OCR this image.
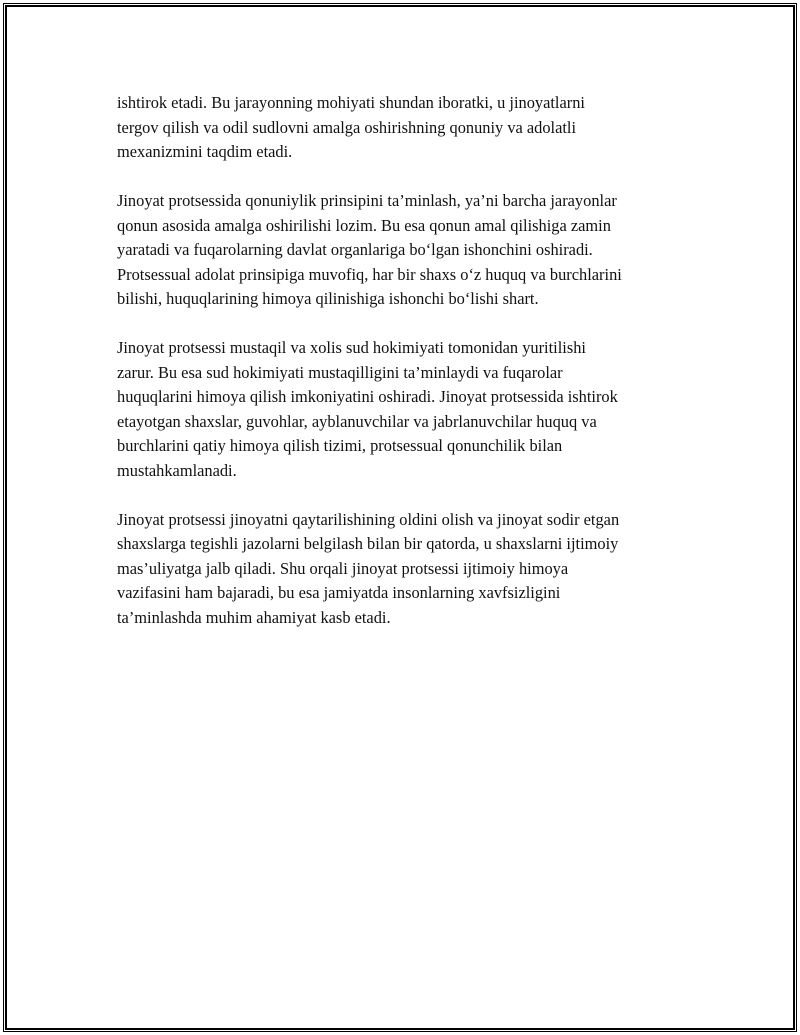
ishtirok etadi. Bu jarayonning mohiyati shundan iboratki, u jinoyatlarni
tergov qilish va odil sudlovni amalga oshirishning qonuniy va adolatli
mexanizmini taqdim etadi.

Jinoyat protsessida qonuniylik prinsipini ta’minlash, ya’ni barcha jarayonlar
qonun asosida amalga oshirilishi lozim. Bu esa qonun amal qilishiga zamin
yaratadi va fuqarolarning davlat organlariga bo‘lgan ishonchini oshiradi.
Protsessual adolat prinsipiga muvofiq, har bir shaxs o‘z huquq va burchlarini
bilishi, huquqlarining himoya qilinishiga ishonchi bo‘lishi shart.

Jinoyat protsessi mustaqil va xolis sud hokimiyati tomonidan yuritilishi
zarur. Bu esa sud hokimiyati mustaqilligini ta’minlaydi va fuqarolar
huquqlarini himoya qilish imkoniyatini oshiradi. Jinoyat protsessida ishtirok
etayotgan shaxslar, guvohlar, ayblanuvchilar va jabrlanuvchilar huquq va
burchlarini qatiy himoya qilish tizimi, protsessual qonunchilik bilan
mustahkamlanadi.

Jinoyat protsessi jinoyatni qaytarilishining oldini olish va jinoyat sodir etgan
shaxslarga tegishli jazolarni belgilash bilan bir qatorda, u shaxslarni ijtimoiy
mas’uliyatga jalb qiladi. Shu orqali jinoyat protsessi ijtimoiy himoya
vazifasini ham bajaradi, bu esa jamiyatda insonlarning xavfsizligini
ta’minlashda muhim ahamiyat kasb etadi.
